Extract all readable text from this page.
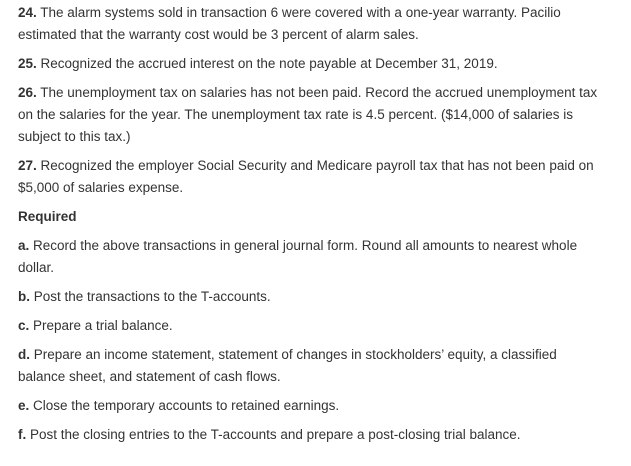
24. The alarm systems sold in transaction 6 were covered with a one-year warranty. Pacilio
estimated that the warranty cost would be 3 percent of alarm sales.

25. Recognized the accrued interest on the note payable at December 31, 2019.

26. The unemployment tax on salaries has not been paid. Record the accrued unemployment tax
on the salaries for the year. The unemployment tax rate is 4.5 percent. ($14,000 of salaries is
subject to this tax.)

27. Recognized the employer Social Security and Medicare payroll tax that has not been paid on
$5,000 of salaries expense.

Required

a. Record the above transactions in general journal form. Round all amounts to nearest whole
dollar.

b. Post the transactions to the T-accounts.

c. Prepare a trial balance.

d. Prepare an income statement, statement of changes in stockholders’ equity, a classified
balance sheet, and statement of cash flows.

e. Close the temporary accounts to retained earnings.

f. Post the closing entries to the T-accounts and prepare a post-closing trial balance.
